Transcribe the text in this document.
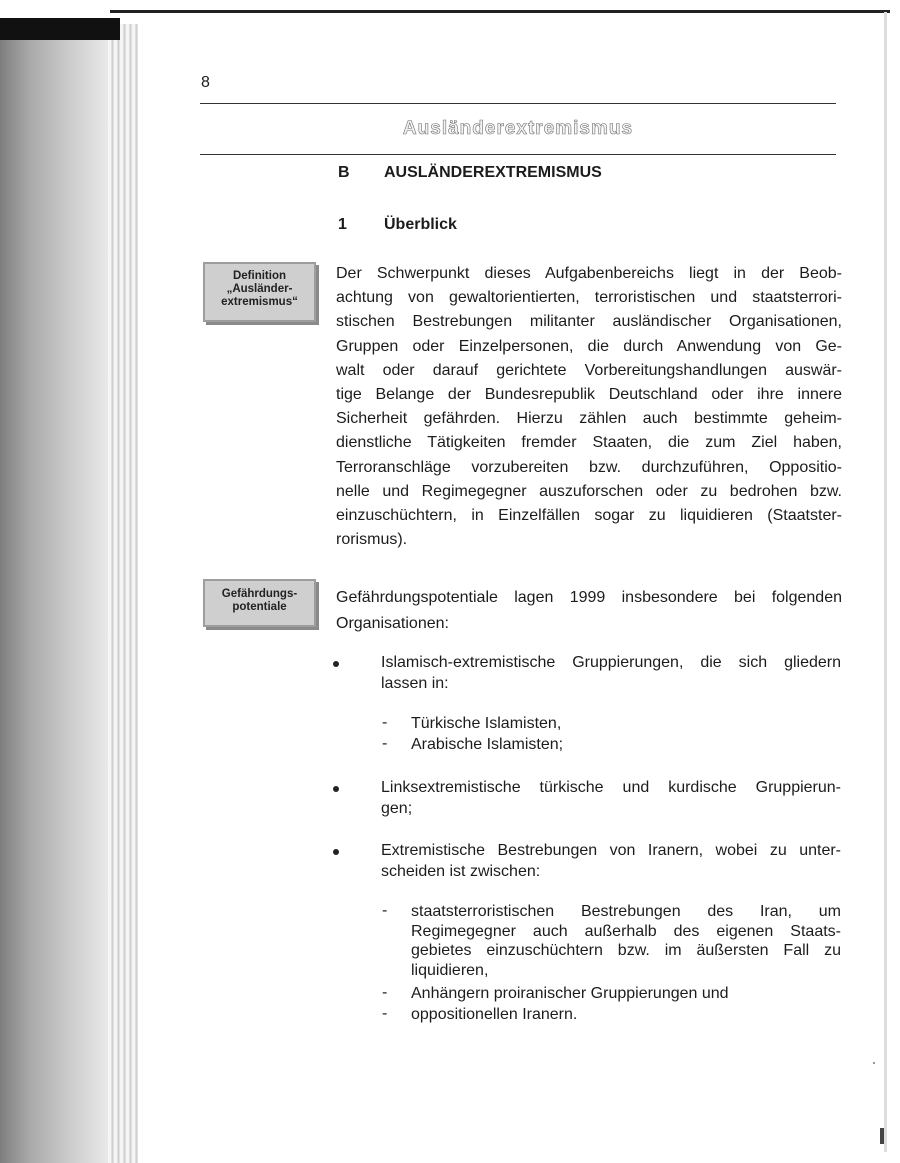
8
Ausländerextremismus
B AUSLÄNDEREXTREMISMUS
1 Überblick
Definition
„Ausländer-
extremismus“
Gefährdungs-
potentiale
Der Schwerpunkt dieses Aufgabenbereichs liegt in der Beob-
achtung von gewaltorientierten, terroristischen und staatsterrori-
stischen Bestrebungen militanter ausländischer Organisationen,
Gruppen oder Einzelpersonen, die durch Anwendung von Ge-
walt oder darauf gerichtete Vorbereitungshandlungen auswär-
tige Belange der Bundesrepublik Deutschland oder ihre innere
Sicherheit gefährden. Hierzu zählen auch bestimmte geheim-
dienstliche Tätigkeiten fremder Staaten, die zum Ziel haben,
Terroranschläge vorzubereiten bzw. durchzuführen, Oppositio-
nelle und Regimegegner auszuforschen oder zu bedrohen bzw.
einzuschüchtern, in Einzelfällen sogar zu liquidieren (Staatster-
rorismus).
Gefährdungspotentiale lagen 1999 insbesondere bei folgenden
Organisationen:
Islamisch-extremistische Gruppierungen, die sich gliedern
lassen in:
- Türkische Islamisten,
- Arabische Islamisten;
Linksextremistische türkische und kurdische Gruppierun-
gen;
Extremistische Bestrebungen von Iranern, wobei zu unter-
scheiden ist zwischen:
- staatsterroristischen Bestrebungen des Iran, um
Regimegegner auch außerhalb des eigenen Staats-
gebietes einzuschüchtern bzw. im äußersten Fall zu
liquidieren,
- Anhängern proiranischer Gruppierungen und
- oppositionellen Iranern.
